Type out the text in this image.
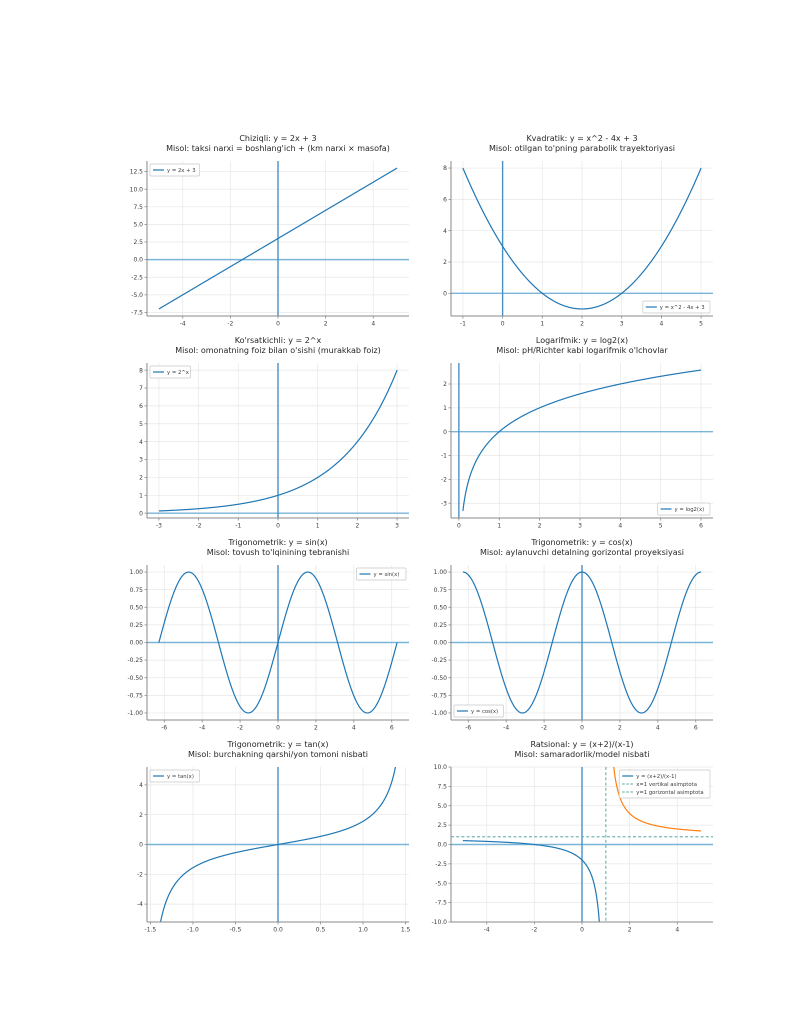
Chiziqli: y = 2x + 3
Misol: taksi narxi = boshlang'ich + (km narxi × masofa)
-4	-2	0	2	4
-7.5
-5.0
-2.5
0.0
2.5
5.0
7.5
10.0
12.5	y = 2x + 3
Kvadratik: y = x^2 - 4x + 3
Misol: otilgan to'pning parabolik trayektoriyasi
-1	0	1	2	3	4	5
0
2
4
6
8
y = x^2 - 4x + 3
Ko'rsatkichli: y = 2^x
Misol: omonatning foiz bilan o'sishi (murakkab foiz)
-3	-2	-1	0	1	2	3
0
1
2
3
4
5
6
7
8	y = 2^x
Logarifmik: y = log2(x)
Misol: pH/Richter kabi logarifmik o'lchovlar
0	1	2	3	4	5	6
-3
-2
-1
0
1
2
y = log2(x)
Trigonometrik: y = sin(x)
Misol: tovush to'lqinining tebranishi
-6	-4	-2	0	2	4	6
-1.00
-0.75
-0.50
-0.25
0.00
0.25
0.50
0.75
1.00	y = sin(x)
Trigonometrik: y = cos(x)
Misol: aylanuvchi detalning gorizontal proyeksiyasi
-6	-4	-2	0	2	4	6
-1.00
-0.75
-0.50
-0.25
0.00
0.25
0.50
0.75
1.00
y = cos(x)
Trigonometrik: y = tan(x)
Misol: burchakning qarshi/yon tomoni nisbati
-1.5	-1.0	-0.5	0.0	0.5	1.0	1.5
-4
-2
0
2
4
y = tan(x)
Ratsional: y = (x+2)/(x-1)
Misol: samaradorlik/model nisbati
-4	-2	0	2	4
-10.0
-7.5
-5.0
-2.5
0.0
2.5
5.0
7.5
10.0
y = (x+2)/(x-1)
x=1 vertikal asimptota
y=1 gorizontal asimptota
